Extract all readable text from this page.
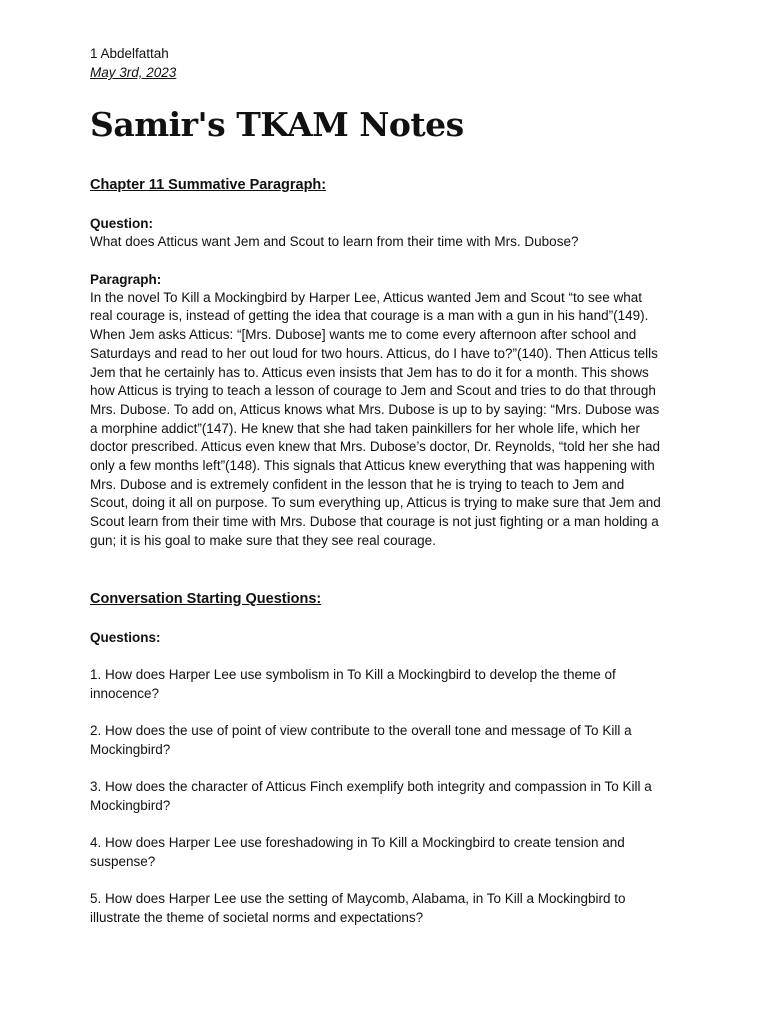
1 Abdelfattah

May 3rd, 2023

Samir's TKAM Notes
Chapter 11 Summative Paragraph:

Question:

What does Atticus want Jem and Scout to learn from their time with Mrs. Dubose?

Paragraph:

In the novel To Kill a Mockingbird by Harper Lee, Atticus wanted Jem and Scout “to see what

real courage is, instead of getting the idea that courage is a man with a gun in his hand”(149).

When Jem asks Atticus: “[Mrs. Dubose] wants me to come every afternoon after school and

Saturdays and read to her out loud for two hours. Atticus, do I have to?”(140). Then Atticus tells

Jem that he certainly has to. Atticus even insists that Jem has to do it for a month. This shows

how Atticus is trying to teach a lesson of courage to Jem and Scout and tries to do that through

Mrs. Dubose. To add on, Atticus knows what Mrs. Dubose is up to by saying: “Mrs. Dubose was

a morphine addict”(147). He knew that she had taken painkillers for her whole life, which her

doctor prescribed. Atticus even knew that Mrs. Dubose’s doctor, Dr. Reynolds, “told her she had

only a few months left”(148). This signals that Atticus knew everything that was happening with

Mrs. Dubose and is extremely confident in the lesson that he is trying to teach to Jem and

Scout, doing it all on purpose. To sum everything up, Atticus is trying to make sure that Jem and

Scout learn from their time with Mrs. Dubose that courage is not just fighting or a man holding a

gun; it is his goal to make sure that they see real courage.

Conversation Starting Questions:

Questions:

1. How does Harper Lee use symbolism in To Kill a Mockingbird to develop the theme of

innocence?

2. How does the use of point of view contribute to the overall tone and message of To Kill a

Mockingbird?

3. How does the character of Atticus Finch exemplify both integrity and compassion in To Kill a

Mockingbird?

4. How does Harper Lee use foreshadowing in To Kill a Mockingbird to create tension and

suspense?

5. How does Harper Lee use the setting of Maycomb, Alabama, in To Kill a Mockingbird to

illustrate the theme of societal norms and expectations?
